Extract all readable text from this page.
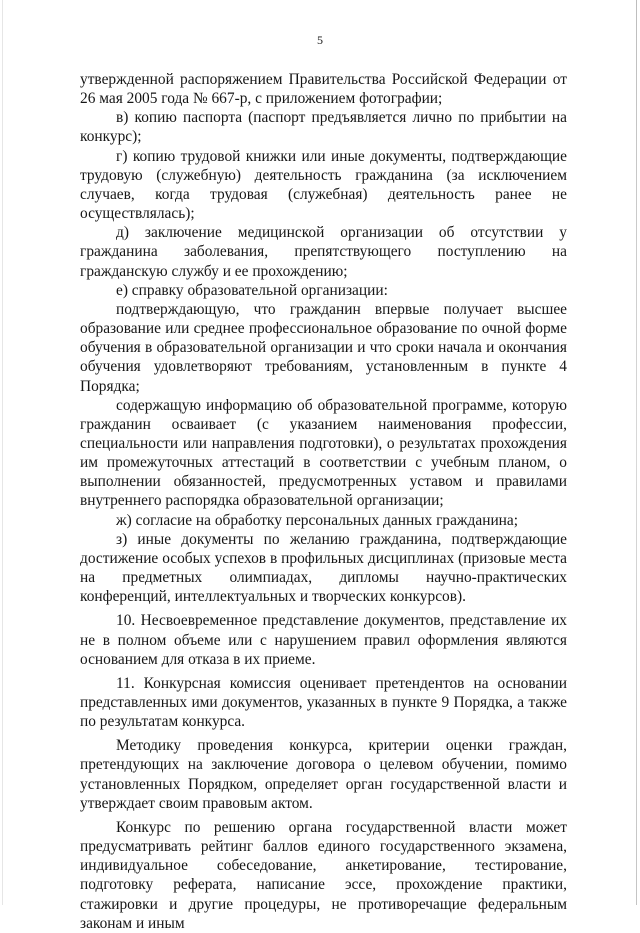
5

утвержденной распоряжением Правительства Российской Федерации от 26 мая 2005 года № 667-р, с приложением фотографии;

в) копию паспорта (паспорт предъявляется лично по прибытии на конкурс);

г) копию трудовой книжки или иные документы, подтверждающие трудовую (служебную) деятельность гражданина (за исключением случаев, когда трудовая (служебная) деятельность ранее не осуществлялась);

д) заключение медицинской организации об отсутствии у гражданина заболевания, препятствующего поступлению на гражданскую службу и ее прохождению;

е) справку образовательной организации:

подтверждающую, что гражданин впервые получает высшее образование или среднее профессиональное образование по очной форме обучения в образовательной организации и что сроки начала и окончания обучения удовлетворяют требованиям, установленным в пункте 4 Порядка;

содержащую информацию об образовательной программе, которую гражданин осваивает (с указанием наименования профессии, специальности или направления подготовки), о результатах прохождения им промежуточных аттестаций в соответствии с учебным планом, о выполнении обязанностей, предусмотренных уставом и правилами внутреннего распорядка образовательной организации;

ж) согласие на обработку персональных данных гражданина;

з) иные документы по желанию гражданина, подтверждающие достижение особых успехов в профильных дисциплинах (призовые места на предметных олимпиадах, дипломы научно-практических конференций, интеллектуальных и творческих конкурсов).

10. Несвоевременное представление документов, представление их не в полном объеме или с нарушением правил оформления являются основанием для отказа в их приеме.

11. Конкурсная комиссия оценивает претендентов на основании представленных ими документов, указанных в пункте 9 Порядка, а также по результатам конкурса.

Методику проведения конкурса, критерии оценки граждан, претендующих на заключение договора о целевом обучении, помимо установленных Порядком, определяет орган государственной власти и утверждает своим правовым актом.

Конкурс по решению органа государственной власти может предусматривать рейтинг баллов единого государственного экзамена, индивидуальное собеседование, анкетирование, тестирование, подготовку реферата, написание эссе, прохождение практики, стажировки и другие процедуры, не противоречащие федеральным законам и иным
